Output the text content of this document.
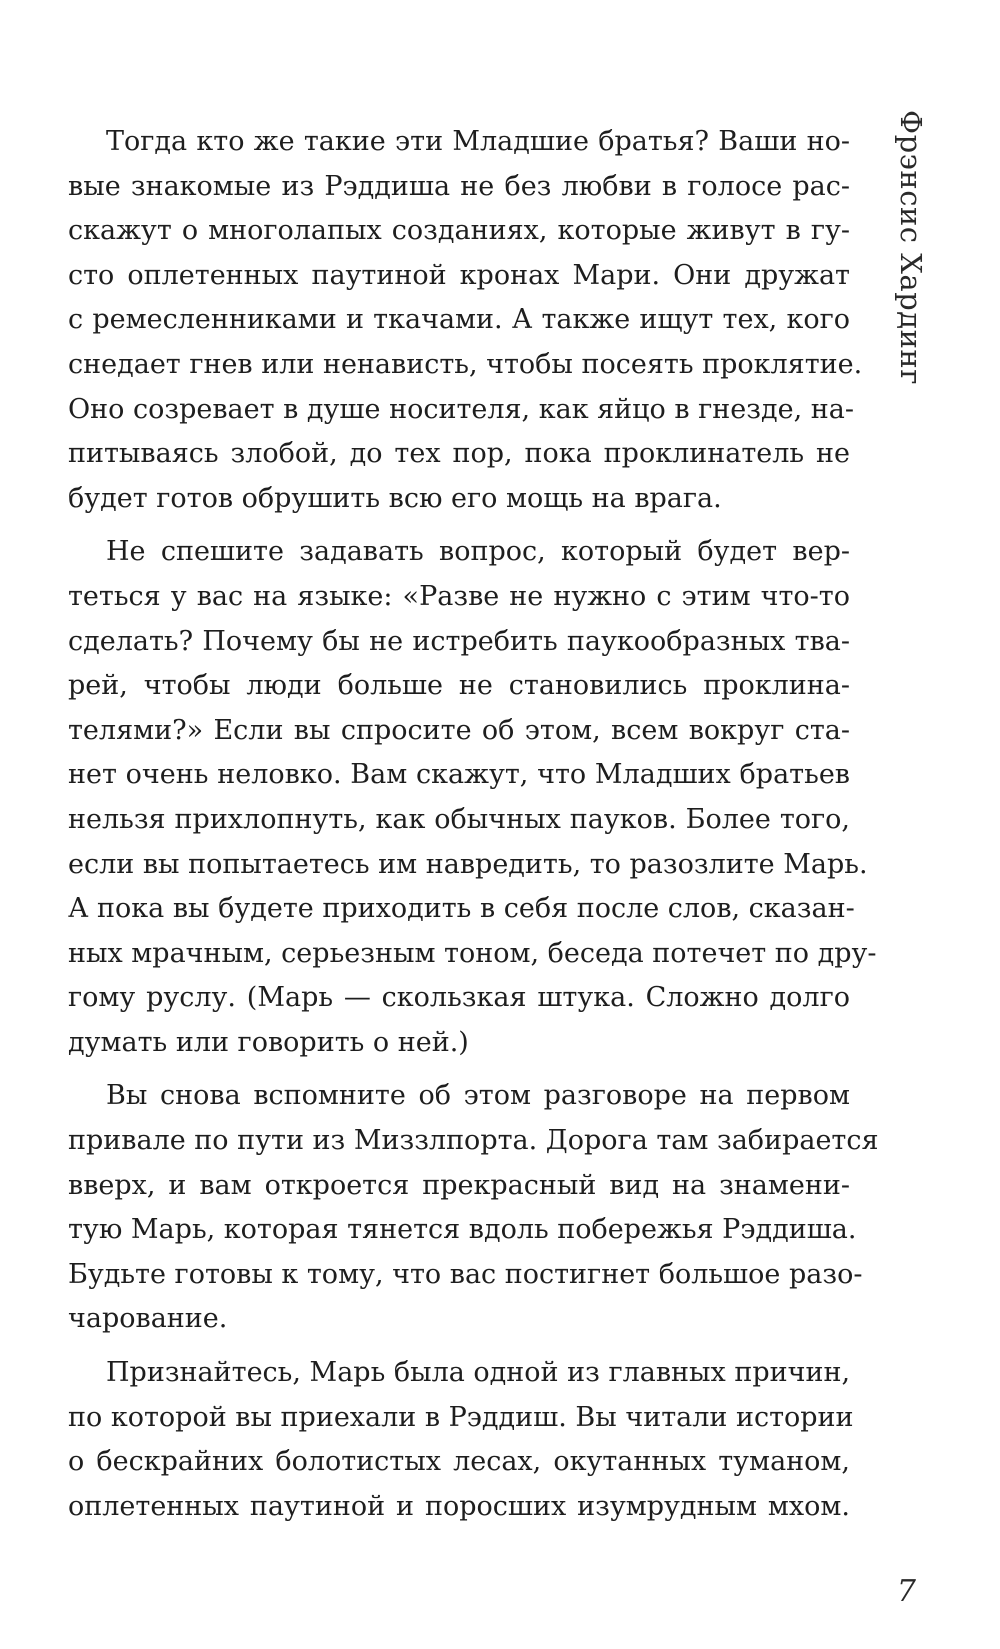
Фрэнсис Хардинг
Тогда кто же такие эти Младшие братья? Ваши но-
вые знакомые из Рэддиша не без любви в голосе рас-
скажут о многолапых созданиях, которые живут в гу-
сто оплетенных паутиной кронах Мари. Они дружат
с ремесленниками и ткачами. А также ищут тех, кого
снедает гнев или ненависть, чтобы посеять проклятие.
Оно созревает в душе носителя, как яйцо в гнезде, на-
питываясь злобой, до тех пор, пока проклинатель не
будет готов обрушить всю его мощь на врага.
Не спешите задавать вопрос, который будет вер-
теться у вас на языке: «Разве не нужно с этим что-то
сделать? Почему бы не истребить паукообразных тва-
рей, чтобы люди больше не становились проклина-
телями?» Если вы спросите об этом, всем вокруг ста-
нет очень неловко. Вам скажут, что Младших братьев
нельзя прихлопнуть, как обычных пауков. Более того,
если вы попытаетесь им навредить, то разозлите Марь.
А пока вы будете приходить в себя после слов, сказан-
ных мрачным, серьезным тоном, беседа потечет по дру-
гому руслу. (Марь — скользкая штука. Сложно долго
думать или говорить о ней.)
Вы снова вспомните об этом разговоре на первом
привале по пути из Миззлпорта. Дорога там забирается
вверх, и вам откроется прекрасный вид на знамени-
тую Марь, которая тянется вдоль побережья Рэддиша.
Будьте готовы к тому, что вас постигнет большое разо-
чарование.
Признайтесь, Марь была одной из главных причин,
по которой вы приехали в Рэддиш. Вы читали истории
о бескрайних болотистых лесах, окутанных туманом,
оплетенных паутиной и поросших изумрудным мхом.
7
